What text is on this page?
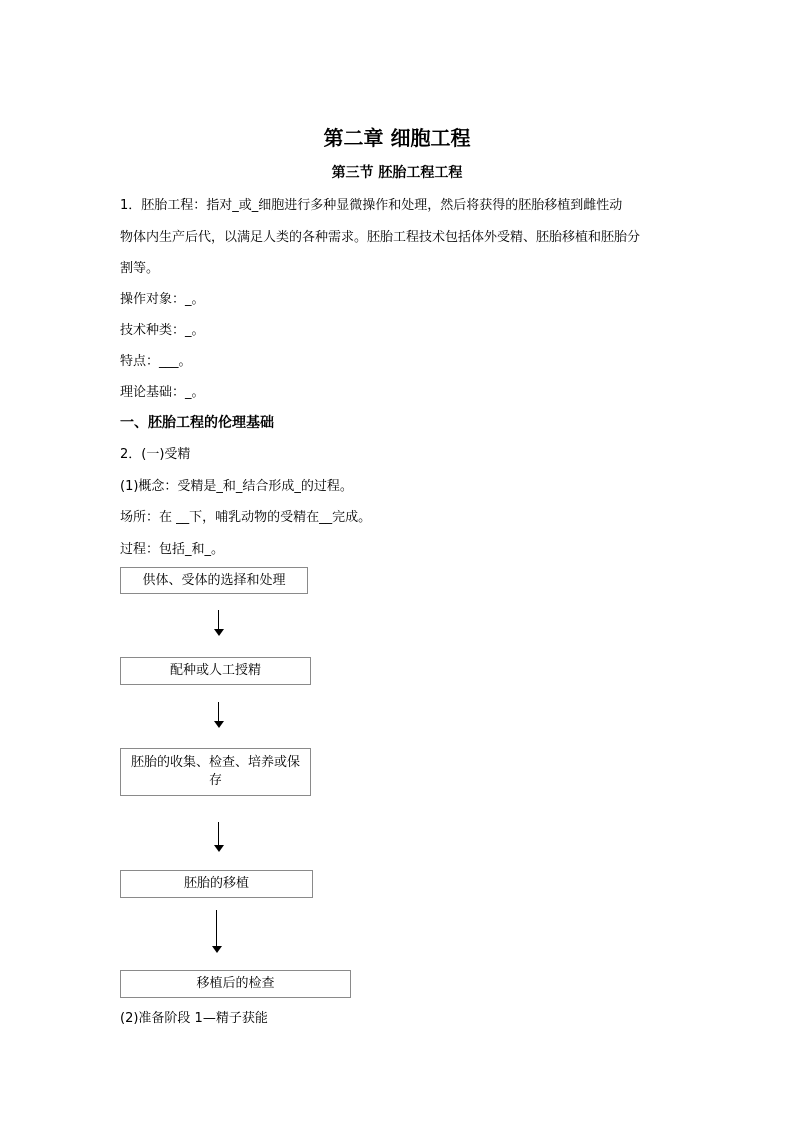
第二章 细胞工程
第三节 胚胎工程工程
1．胚胎工程：指对_或_细胞进行多种显微操作和处理，然后将获得的胚胎移植到雌性动
物体内生产后代，以满足人类的各种需求。胚胎工程技术包括体外受精、胚胎移植和胚胎分
割等。
操作对象：_。
技术种类：_。
特点：___。
理论基础：_。
一、胚胎工程的伦理基础
2．(一)受精
(1)概念：受精是_和_结合形成_的过程。
场所：在 __下，哺乳动物的受精在__完成。
过程：包括_和_。
供体、受体的选择和处理
配种或人工授精
胚胎的收集、检查、培养或保存
胚胎的移植
移植后的检查
(2)准备阶段 1—精子获能
